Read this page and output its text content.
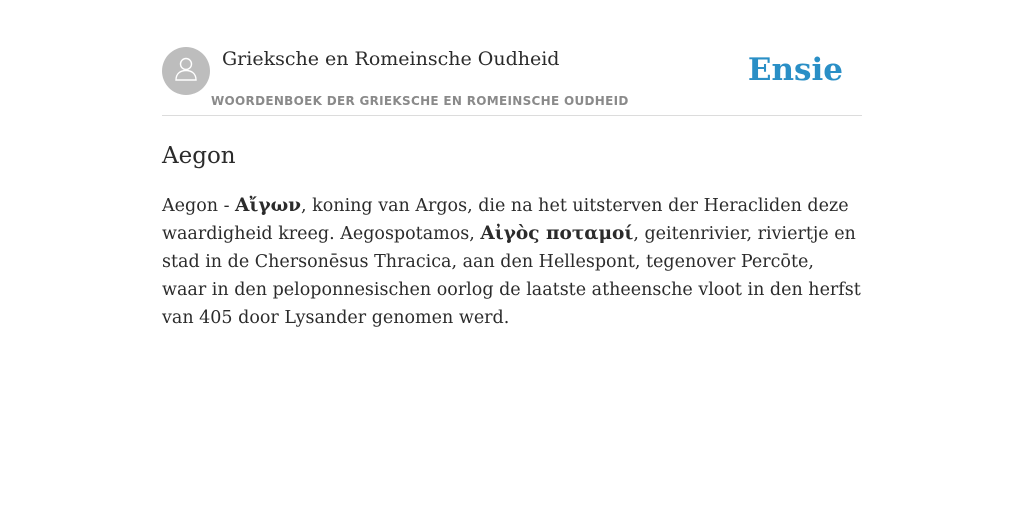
Grieksche en Romeinsche Oudheid
WOORDENBOEK DER GRIEKSCHE EN ROMEINSCHE OUDHEID
Ensie
Aegon
Aegon - Αἴγων, koning van Argos, die na het uitsterven der Heracliden deze waardigheid kreeg. Aegospotamos, Αἰγὸς ποταμοί, geitenrivier, riviertje en stad in de Chersonēsus Thracica, aan den Hellespont, tegenover Percōte, waar in den peloponnesischen oorlog de laatste atheensche vloot in den herfst van 405 door Lysander genomen werd.
